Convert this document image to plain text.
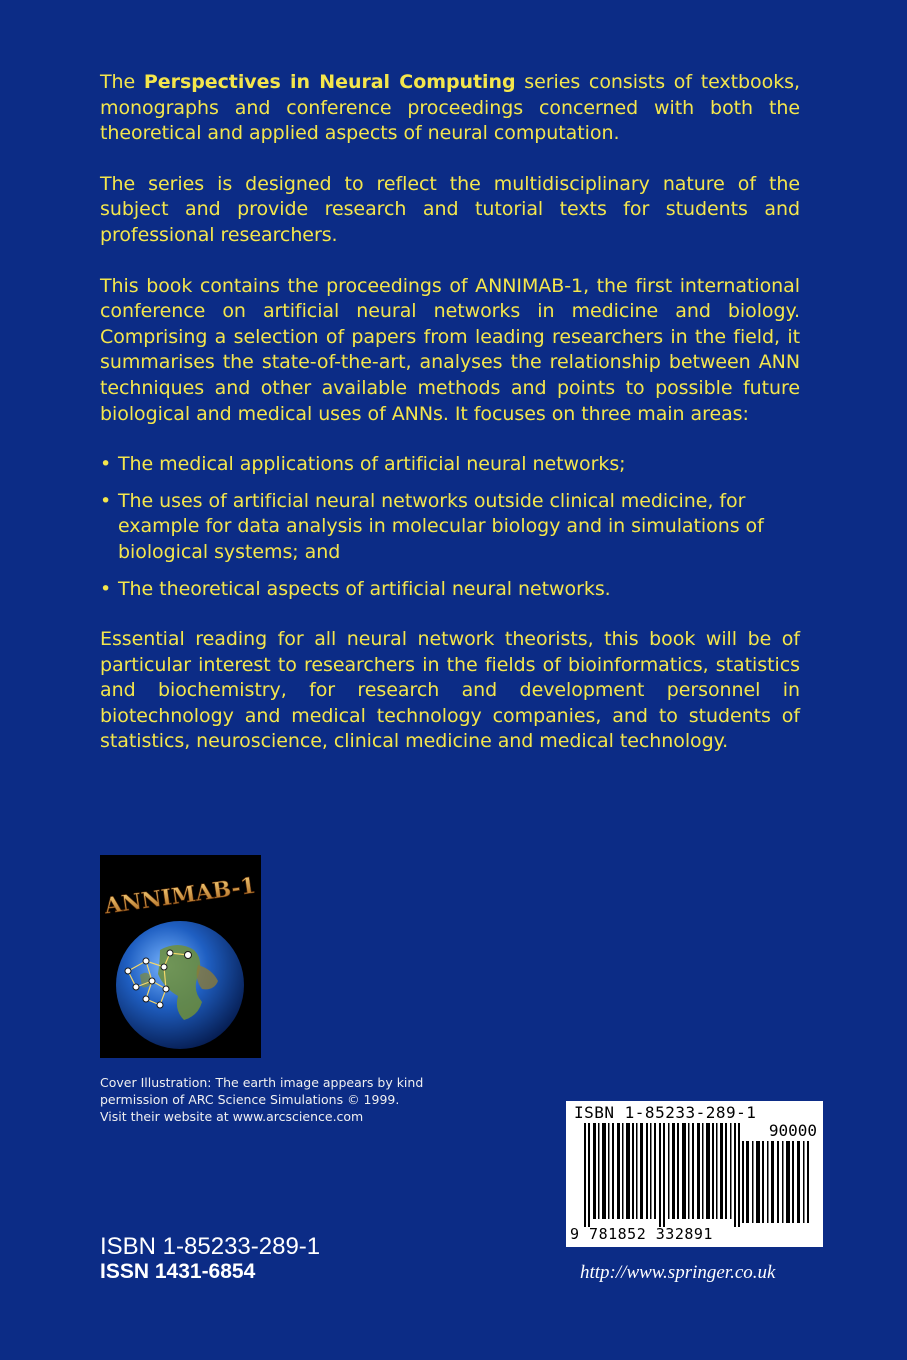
The Perspectives in Neural Computing series consists of textbooks, monographs and conference proceedings concerned with both the theoretical and applied aspects of neural computation.

The series is designed to reflect the multidisciplinary nature of the subject and provide research and tutorial texts for students and professional researchers.

This book contains the proceedings of ANNIMAB-1, the first international conference on artificial neural networks in medicine and biology. Comprising a selection of papers from leading researchers in the field, it summarises the state-of-the-art, analyses the relationship between ANN techniques and other available methods and points to possible future biological and medical uses of ANNs. It focuses on three main areas:

• The medical applications of artificial neural networks;
• The uses of artificial neural networks outside clinical medicine, for example for data analysis in molecular biology and in simulations of biological systems; and
• The theoretical aspects of artificial neural networks.

Essential reading for all neural network theorists, this book will be of particular interest to researchers in the fields of bioinformatics, statistics and biochemistry, for research and development personnel in biotechnology and medical technology companies, and to students of statistics, neuroscience, clinical medicine and medical technology.

ANNIMAB-1
Cover Illustration: The earth image appears by kind
permission of ARC Science Simulations © 1999.
Visit their website at www.arcscience.com	ISBN 1-85233-289-1
90000
9 781852 332891
ISBN 1-85233-289-1
ISSN 1431-6854	http://www.springer.co.uk
